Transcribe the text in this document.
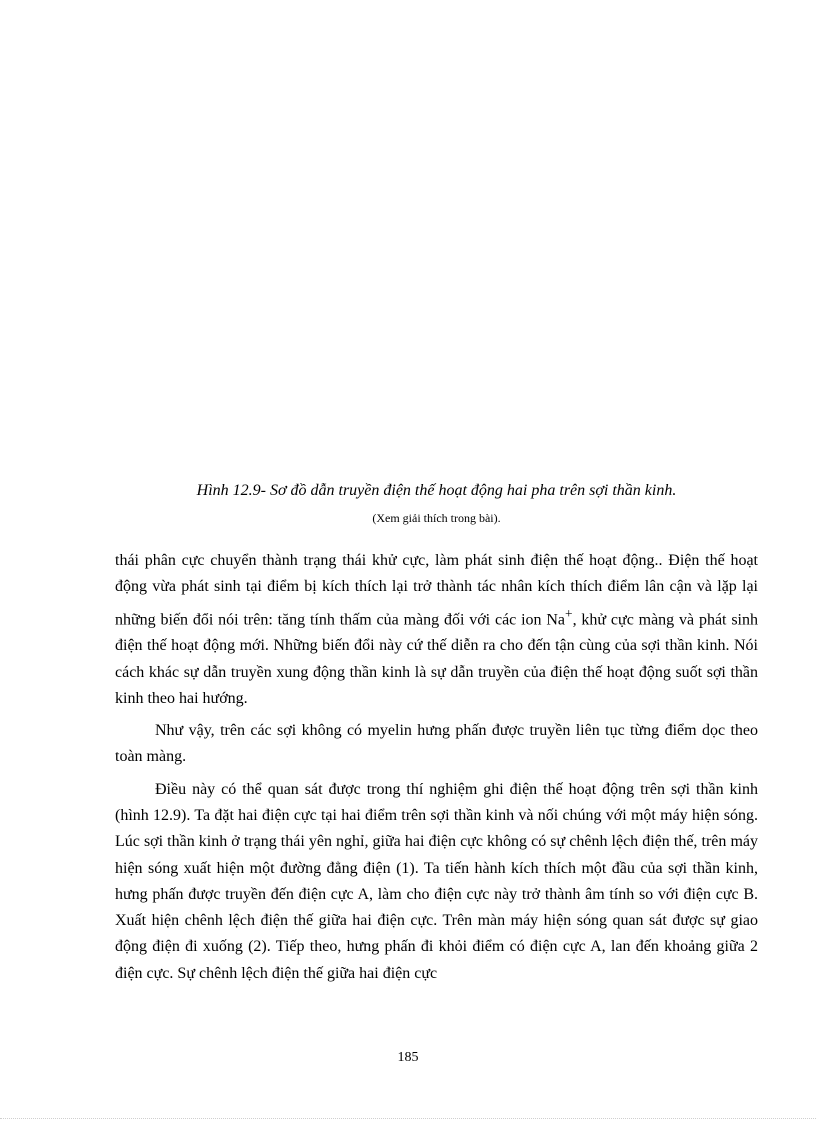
Hình 12.9- Sơ đồ dẫn truyền điện thế hoạt động hai pha trên sợi thần kinh.
(Xem giải thích trong bài).

thái phân cực chuyển thành trạng thái khử cực, làm phát sinh điện thế hoạt động.. Điện thế hoạt động vừa phát sinh tại điểm bị kích thích lại trở thành tác nhân kích thích điểm lân cận và lặp lại những biến đổi nói trên: tăng tính thấm của màng đối với các ion Na+, khử cực màng và phát sinh điện thế hoạt động mới. Những biến đổi này cứ thế diễn ra cho đến tận cùng của sợi thần kinh. Nói cách khác sự dẫn truyền xung động thần kinh là sự dẫn truyền của điện thế hoạt động suốt sợi thần kinh theo hai hướng.

Như vậy, trên các sợi không có myelin hưng phấn được truyền liên tục từng điểm dọc theo toàn màng.

Điều này có thể quan sát được trong thí nghiệm ghi điện thế hoạt động trên sợi thần kinh (hình 12.9). Ta đặt hai điện cực tại hai điểm trên sợi thần kinh và nối chúng với một máy hiện sóng. Lúc sợi thần kinh ở trạng thái yên nghỉ, giữa hai điện cực không có sự chênh lệch điện thế, trên máy hiện sóng xuất hiện một đường đẳng điện (1). Ta tiến hành kích thích một đầu của sợi thần kinh, hưng phấn được truyền đến điện cực A, làm cho điện cực này trở thành âm tính so với điện cực B. Xuất hiện chênh lệch điện thế giữa hai điện cực. Trên màn máy hiện sóng quan sát được sự giao động điện đi xuống (2). Tiếp theo, hưng phấn đi khỏi điểm có điện cực A, lan đến khoảng giữa 2 điện cực. Sự chênh lệch điện thế giữa hai điện cực

185
